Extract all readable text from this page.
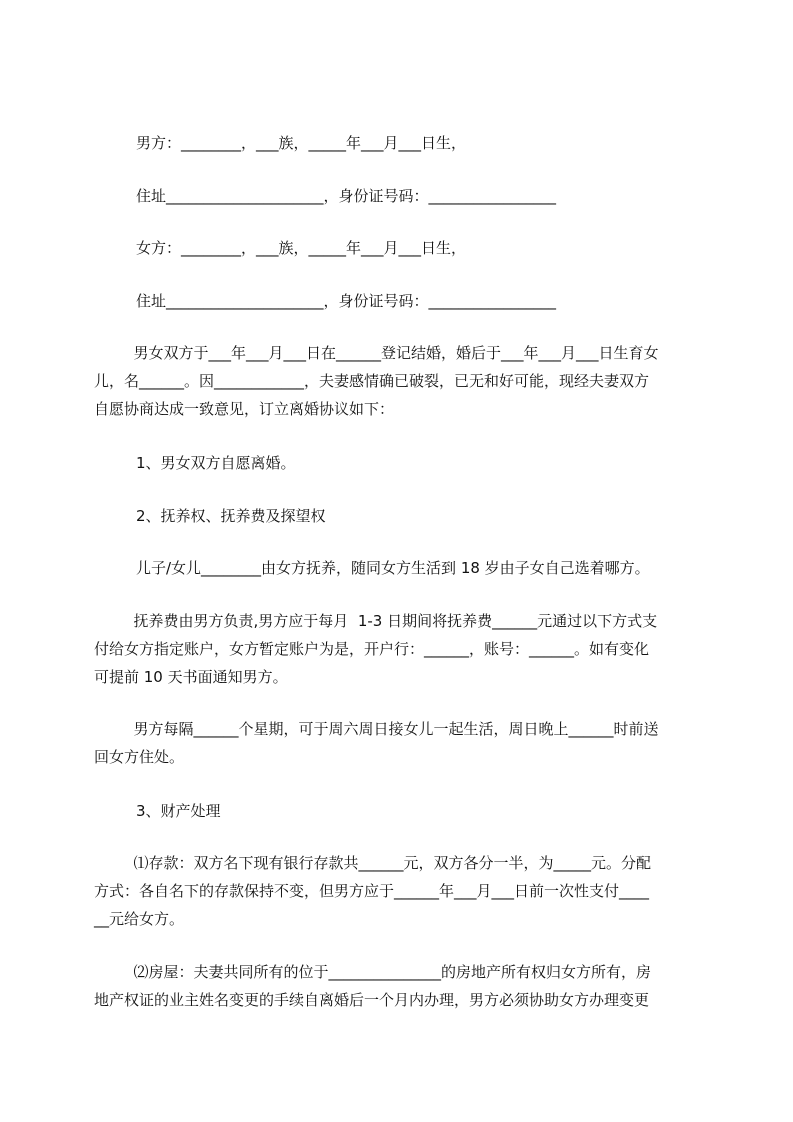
男方：________，___族，_____年___月___日生，
住址_____________________，身份证号码：_________________
女方：________，___族，_____年___月___日生，
住址_____________________，身份证号码：_________________
男女双方于___年___月___日在______登记结婚，婚后于___年___月___日生育女
儿，名______。因____________，夫妻感情确已破裂，已无和好可能，现经夫妻双方
自愿协商达成一致意见，订立离婚协议如下：
1、男女双方自愿离婚。
2、抚养权、抚养费及探望权
儿子/女儿________由女方抚养，随同女方生活到 18 岁由子女自己选着哪方。
抚养费由男方负责,男方应于每月  1-3 日期间将抚养费______元通过以下方式支
付给女方指定账户，女方暂定账户为是，开户行：______，账号：______。如有变化
可提前 10 天书面通知男方。
男方每隔______个星期，可于周六周日接女儿一起生活，周日晚上______时前送
回女方住处。
3、财产处理
⑴存款：双方名下现有银行存款共______元，双方各分一半，为_____元。分配
方式：各自名下的存款保持不变，但男方应于______年___月___日前一次性支付____
__元给女方。
⑵房屋：夫妻共同所有的位于_______________的房地产所有权归女方所有，房
地产权证的业主姓名变更的手续自离婚后一个月内办理，男方必须协助女方办理变更
